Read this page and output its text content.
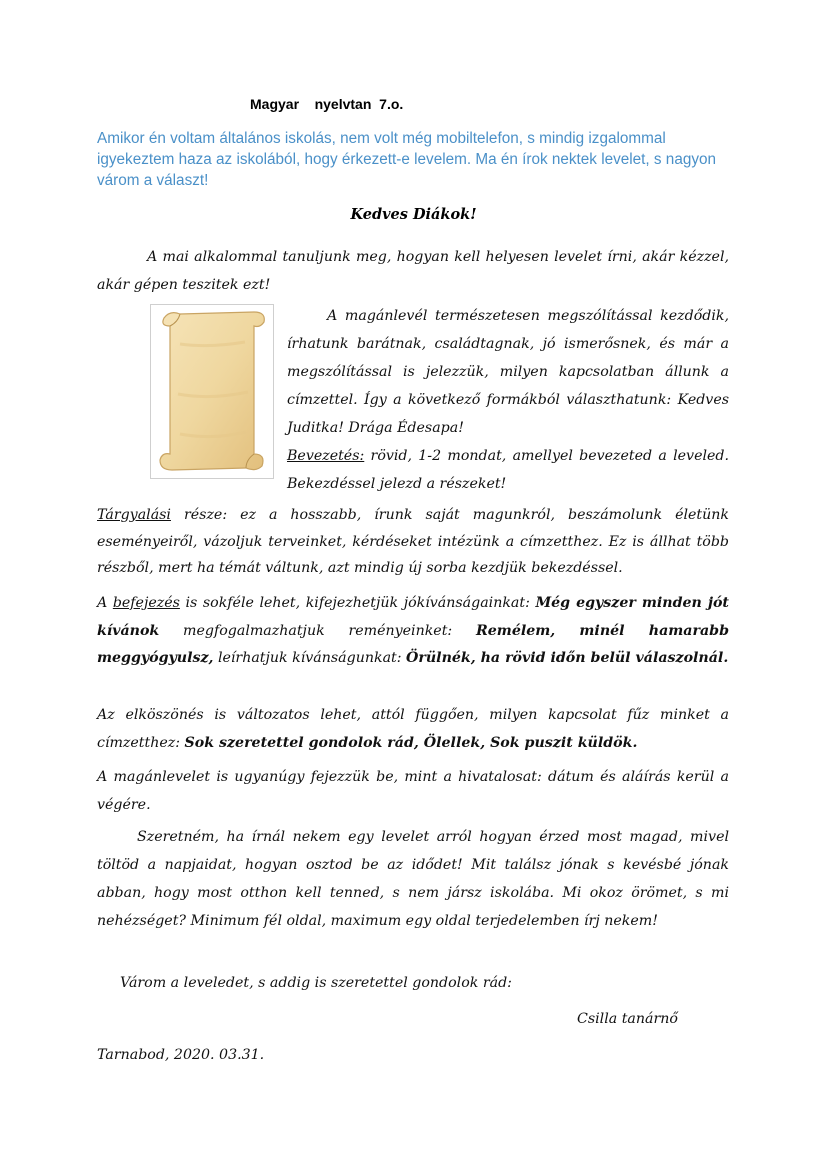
Magyar    nyelvtan  7.o.
Amikor én voltam általános iskolás, nem volt még mobiltelefon, s mindig izgalommal igyekeztem haza az iskolából, hogy érkezett-e levelem. Ma én írok nektek levelet, s nagyon várom a választ!
Kedves Diákok!
A mai alkalommal tanuljunk meg, hogyan kell helyesen levelet írni, akár kézzel, akár gépen teszitek ezt!
A magánlevél természetesen megszólítással kezdődik, írhatunk barátnak, családtagnak, jó ismerősnek, és már a megszólítással is jelezzük, milyen kapcsolatban állunk a címzettel. Így a következő formákból választhatunk: Kedves Juditka! Drága Édesapa!
Bevezetés: rövid, 1-2 mondat, amellyel bevezeted a leveled. Bekezdéssel jelezd a részeket!
Tárgyalási része: ez a hosszabb, írunk saját magunkról, beszámolunk életünk eseményeiről, vázoljuk terveinket, kérdéseket intézünk a címzetthez. Ez is állhat több részből, mert ha témát váltunk, azt mindig új sorba kezdjük bekezdéssel.
A befejezés is sokféle lehet, kifejezhetjük jókívánságainkat: Még egyszer minden jót kívánok megfogalmazhatjuk reményeinket: Remélem, minél hamarabb meggyógyulsz, leírhatjuk kívánságunkat: Örülnék, ha rövid időn belül válaszolnál.
Az elköszönés is változatos lehet, attól függően, milyen kapcsolat fűz minket a címzetthez: Sok szeretettel gondolok rád, Ölellek, Sok puszit küldök.
A magánlevelet is ugyanúgy fejezzük be, mint a hivatalosat: dátum és aláírás kerül a végére.
Szeretném, ha írnál nekem egy levelet arról hogyan érzed most magad, mivel töltöd a napjaidat, hogyan osztod be az idődet! Mit találsz jónak s kevésbé jónak abban, hogy most otthon kell tenned, s nem jársz iskolába. Mi okoz örömet, s mi nehézséget? Minimum fél oldal, maximum egy oldal terjedelemben írj nekem!
Várom a leveledet, s addig is szeretettel gondolok rád:
Csilla tanárnő
Tarnabod, 2020. 03.31.
